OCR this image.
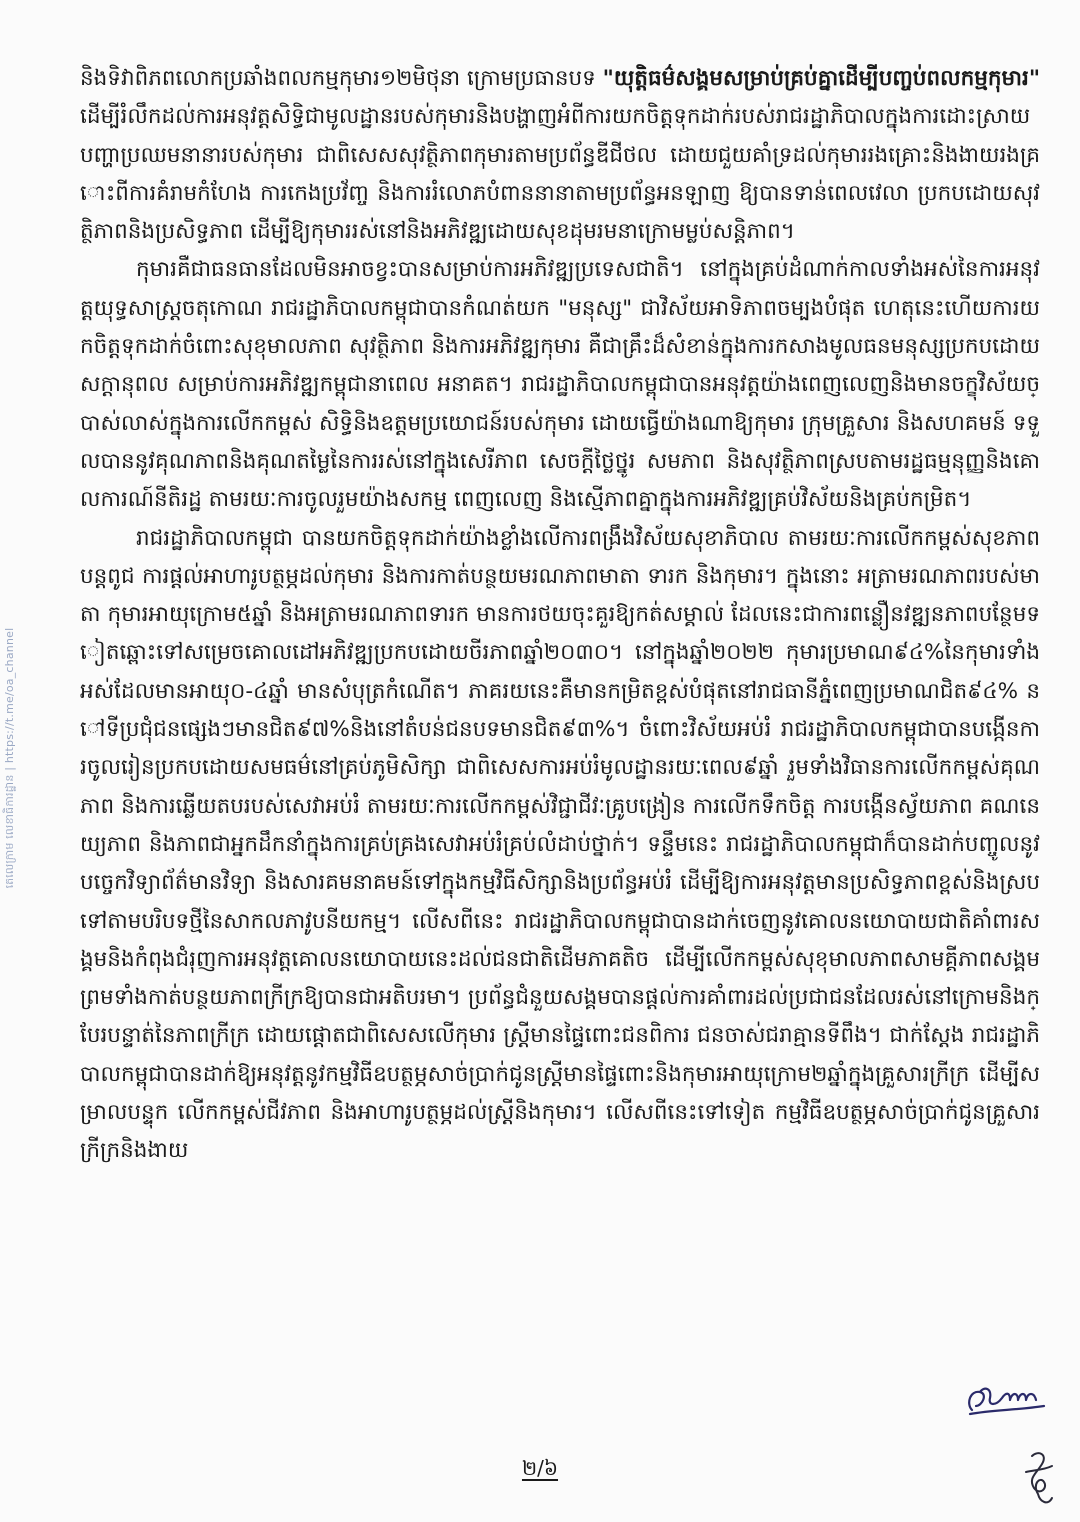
និងទិវាពិភពលោកប្រឆាំងពលកម្មកុមារ១២មិថុនា ក្រោមប្រធានបទ "យុត្តិធម៌សង្គមសម្រាប់គ្រប់គ្នាដើម្បីបញ្ចប់ពលកម្មកុមារ" ដើម្បីរំលឹកដល់ការអនុវត្តសិទ្ធិជាមូលដ្ឋានរបស់កុមារនិងបង្ហាញអំពីការយកចិត្តទុកដាក់របស់រាជរដ្ឋាភិបាលក្នុងការដោះស្រាយបញ្ហាប្រឈមនានារបស់កុមារ ជាពិសេសសុវត្ថិភាពកុមារតាមប្រព័ន្ធឌីជីថល ដោយជួយគាំទ្រដល់កុមាររងគ្រោះនិងងាយរងគ្រោះពីការគំរាមកំហែង ការកេងប្រវ័ញ្ច និងការរំលោភបំពាននានាតាមប្រព័ន្ធអនឡាញ ឱ្យបានទាន់ពេលវេលា ប្រកបដោយសុវត្ថិភាពនិងប្រសិទ្ធភាព ដើម្បីឱ្យកុមាររស់នៅនិងអភិវឌ្ឍដោយសុខដុមរមនាក្រោមម្លប់សន្តិភាព។

កុមារគឺជាធនធានដែលមិនអាចខ្វះបានសម្រាប់ការអភិវឌ្ឍប្រទេសជាតិ។ នៅក្នុងគ្រប់ដំណាក់កាលទាំងអស់នៃការអនុវត្តយុទ្ធសាស្ត្រចតុកោណ រាជរដ្ឋាភិបាលកម្ពុជាបានកំណត់យក "មនុស្ស" ជាវិស័យអាទិភាពចម្បងបំផុត ហេតុនេះហើយការយកចិត្តទុកដាក់ចំពោះសុខុមាលភាព សុវត្ថិភាព និងការអភិវឌ្ឍកុមារ គឺជាគ្រឹះដ៏សំខាន់ក្នុងការកសាងមូលធនមនុស្សប្រកបដោយសក្តានុពល សម្រាប់ការអភិវឌ្ឍកម្ពុជានាពេល អនាគត។ រាជរដ្ឋាភិបាលកម្ពុជាបានអនុវត្តយ៉ាងពេញលេញនិងមានចក្ខុវិស័យច្បាស់លាស់ក្នុងការលើកកម្ពស់ សិទ្ធិនិងឧត្តមប្រយោជន៍របស់កុមារ ដោយធ្វើយ៉ាងណាឱ្យកុមារ ក្រុមគ្រួសារ និងសហគមន៍ ទទួលបាននូវគុណភាពនិងគុណតម្លៃនៃការរស់នៅក្នុងសេរីភាព សេចក្តីថ្លៃថ្នូរ សមភាព និងសុវត្ថិភាពស្របតាមរដ្ឋធម្មនុញ្ញនិងគោលការណ៍នីតិរដ្ឋ តាមរយៈការចូលរួមយ៉ាងសកម្ម ពេញលេញ និងស្មើភាពគ្នាក្នុងការអភិវឌ្ឍគ្រប់វិស័យនិងគ្រប់កម្រិត។

រាជរដ្ឋាភិបាលកម្ពុជា បានយកចិត្តទុកដាក់យ៉ាងខ្លាំងលើការពង្រឹងវិស័យសុខាភិបាល តាមរយៈការលើកកម្ពស់សុខភាពបន្តពូជ ការផ្តល់អាហារូបត្ថម្ភដល់កុមារ និងការកាត់បន្ថយមរណភាពមាតា ទារក និងកុមារ។ ក្នុងនោះ អត្រាមរណភាពរបស់មាតា កុមារអាយុក្រោម៥ឆ្នាំ និងអត្រាមរណភាពទារក មានការថយចុះគួរឱ្យកត់សម្គាល់ ដែលនេះជាការពន្លឿនវឌ្ឍនភាពបន្ថែមទៀតឆ្ពោះទៅសម្រេចគោលដៅអភិវឌ្ឍប្រកបដោយចីរភាពឆ្នាំ២០៣០។ នៅក្នុងឆ្នាំ២០២២ កុមារប្រមាណ៩៤%នៃកុមារទាំងអស់ដែលមានអាយុ០-៤ឆ្នាំ មានសំបុត្រកំណើត។ ភាគរយនេះគឺមានកម្រិតខ្ពស់បំផុតនៅរាជធានីភ្នំពេញប្រមាណជិត៩៤% នៅទីប្រជុំជនផ្សេងៗមានជិត៩៧%និងនៅតំបន់ជនបទមានជិត៩៣%។ ចំពោះវិស័យអប់រំ រាជរដ្ឋាភិបាលកម្ពុជាបានបង្កើនការចូលរៀនប្រកបដោយសមធម៌នៅគ្រប់ភូមិសិក្សា ជាពិសេសការអប់រំមូលដ្ឋានរយៈពេល៩ឆ្នាំ រួមទាំងវិធានការលើកកម្ពស់គុណភាព និងការឆ្លើយតបរបស់សេវាអប់រំ តាមរយៈការលើកកម្ពស់វិជ្ជាជីវៈគ្រូបង្រៀន ការលើកទឹកចិត្ត ការបង្កើនស្វ័យភាព គណនេយ្យភាព និងភាពជាអ្នកដឹកនាំក្នុងការគ្រប់គ្រងសេវាអប់រំគ្រប់លំដាប់ថ្នាក់។ ទន្ទឹមនេះ រាជរដ្ឋាភិបាលកម្ពុជាក៏បានដាក់បញ្ចូលនូវបច្ចេកវិទ្យាព័ត៌មានវិទ្យា និងសារគមនាគមន៍ទៅក្នុងកម្មវិធីសិក្សានិងប្រព័ន្ធអប់រំ ដើម្បីឱ្យការអនុវត្តមានប្រសិទ្ធភាពខ្ពស់និងស្របទៅតាមបរិបទថ្មីនៃសាកលភាវូបនីយកម្ម។ លើសពីនេះ រាជរដ្ឋាភិបាលកម្ពុជាបានដាក់ចេញនូវគោលនយោបាយជាតិគាំពារសង្គមនិងកំពុងជំរុញការអនុវត្តគោលនយោបាយនេះដល់ជនជាតិដើមភាគតិច ដើម្បីលើកកម្ពស់សុខុមាលភាពសាមគ្គីភាពសង្គម ព្រមទាំងកាត់បន្ថយភាពក្រីក្រឱ្យបានជាអតិបរមា។ ប្រព័ន្ធជំនួយសង្គមបានផ្តល់ការគាំពារដល់ប្រជាជនដែលរស់នៅក្រោមនិងក្បែរបន្ទាត់នៃភាពក្រីក្រ ដោយផ្តោតជាពិសេសលើកុមារ ស្ត្រីមានផ្ទៃពោះជនពិការ ជនចាស់ជរាគ្មានទីពឹង។ ជាក់ស្តែង រាជរដ្ឋាភិបាលកម្ពុជាបានដាក់ឱ្យអនុវត្តនូវកម្មវិធីឧបត្ថម្ភសាច់ប្រាក់ជូនស្ត្រីមានផ្ទៃពោះនិងកុមារអាយុក្រោម២ឆ្នាំក្នុងគ្រួសារក្រីក្រ ដើម្បីសម្រាលបន្ទុក លើកកម្ពស់ជីវភាព និងអាហារូបត្ថម្ភដល់ស្ត្រីនិងកុមារ។ លើសពីនេះទៅទៀត កម្មវិធីឧបត្ថម្ភសាច់ប្រាក់ជូនគ្រួសារក្រីក្រនិងងាយ

២/៦
តេលេក្រាម លេខាធិការដ្ឋាន | https://t.me/oa_channel
